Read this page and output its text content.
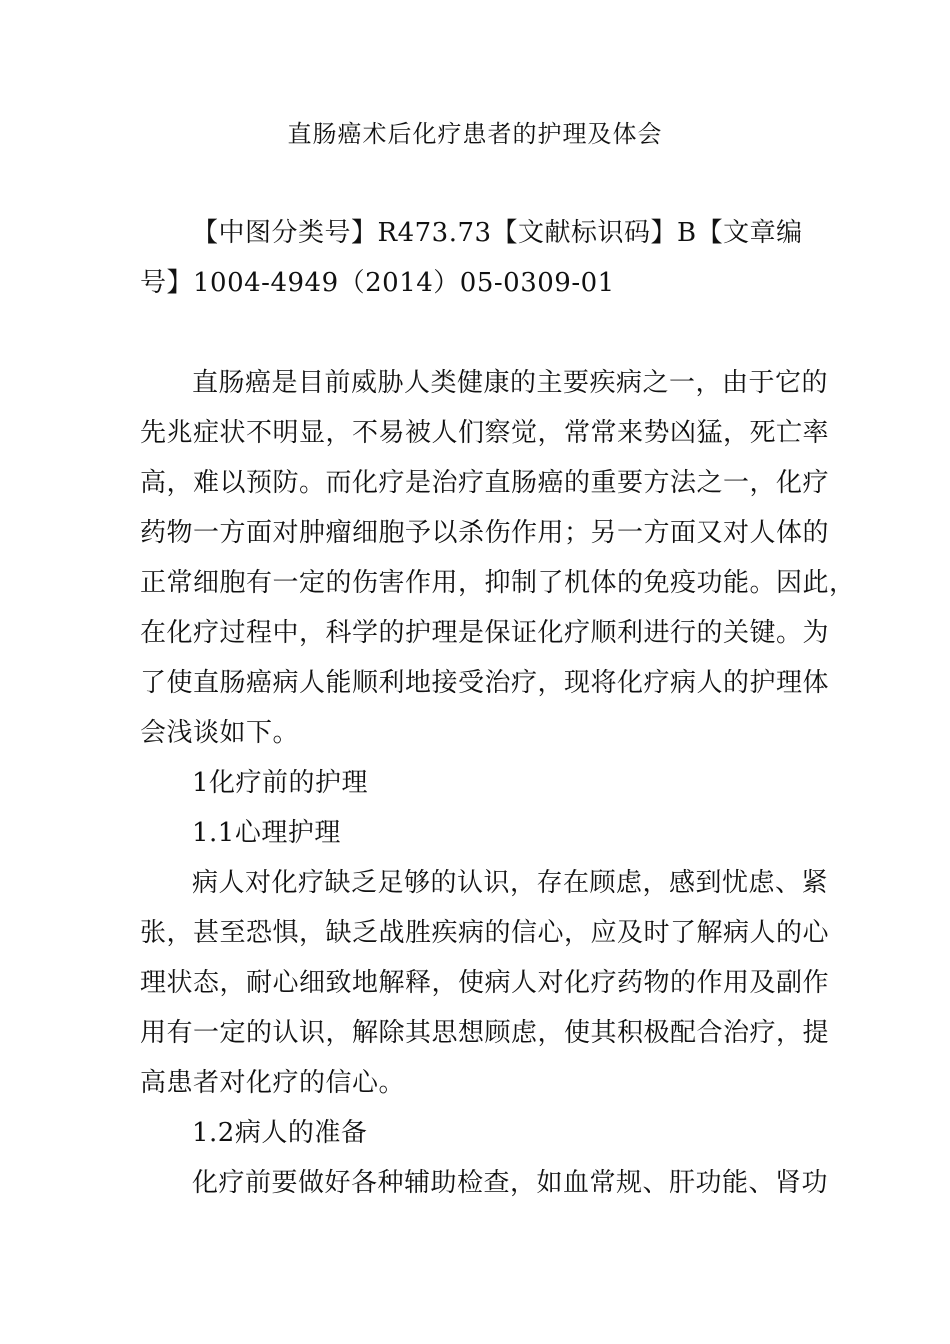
直肠癌术后化疗患者的护理及体会
【中图分类号】R473.73【文献标识码】B【文章编
号】1004-4949（2014）05-0309-01
直肠癌是目前威胁人类健康的主要疾病之一，由于它的
先兆症状不明显，不易被人们察觉，常常来势凶猛，死亡率
高，难以预防。而化疗是治疗直肠癌的重要方法之一，化疗
药物一方面对肿瘤细胞予以杀伤作用；另一方面又对人体的
正常细胞有一定的伤害作用，抑制了机体的免疫功能。因此，
在化疗过程中，科学的护理是保证化疗顺利进行的关键。为
了使直肠癌病人能顺利地接受治疗，现将化疗病人的护理体
会浅谈如下。
1化疗前的护理
1.1心理护理
病人对化疗缺乏足够的认识，存在顾虑，感到忧虑、紧
张，甚至恐惧，缺乏战胜疾病的信心，应及时了解病人的心
理状态，耐心细致地解释，使病人对化疗药物的作用及副作
用有一定的认识，解除其思想顾虑，使其积极配合治疗，提
高患者对化疗的信心。
1.2病人的准备
化疗前要做好各种辅助检查，如血常规、肝功能、肾功
